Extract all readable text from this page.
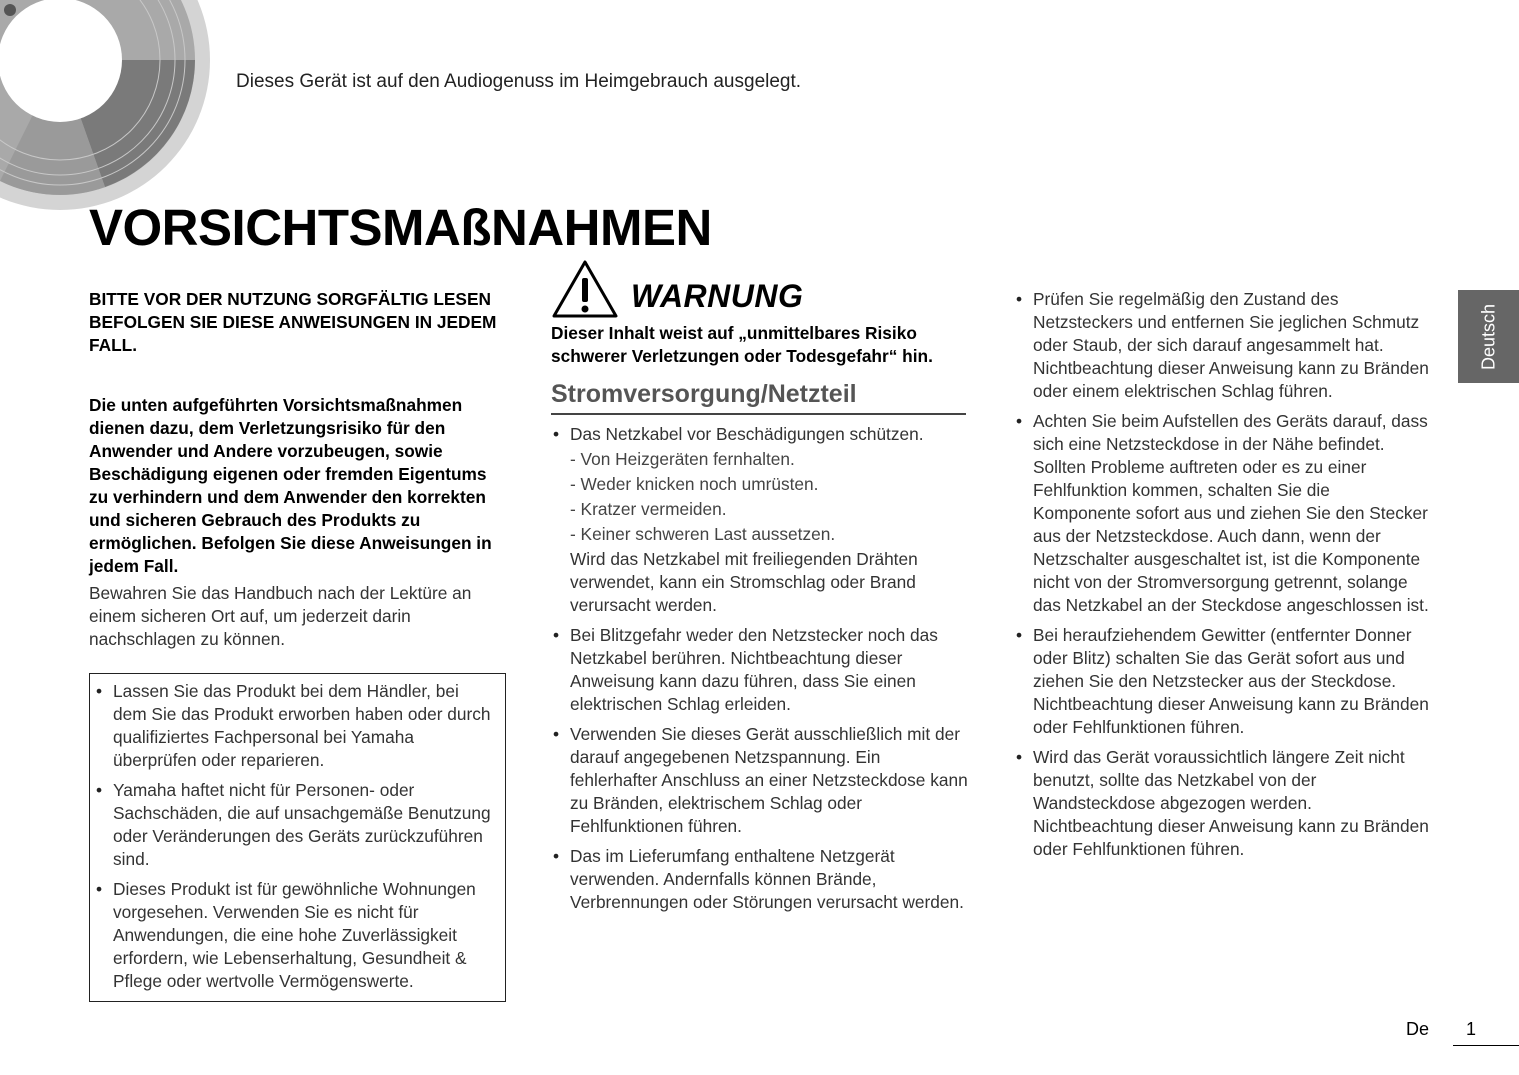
Dieses Gerät ist auf den Audiogenuss im Heimgebrauch ausgelegt.
VORSICHTSMAßNAHMEN

BITTE VOR DER NUTZUNG SORGFÄLTIG LESEN BEFOLGEN SIE DIESE ANWEISUNGEN IN JEDEM FALL.

Die unten aufgeführten Vorsichtsmaßnahmen dienen dazu, dem Verletzungsrisiko für den Anwender und Andere vorzubeugen, sowie Beschädigung eigenen oder fremden Eigentums zu verhindern und dem Anwender den korrekten und sicheren Gebrauch des Produkts zu ermöglichen. Befolgen Sie diese Anweisungen in jedem Fall.

Bewahren Sie das Handbuch nach der Lektüre an einem sicheren Ort auf, um jederzeit darin nachschlagen zu können.

• Lassen Sie das Produkt bei dem Händler, bei dem Sie das Produkt erworben haben oder durch qualifiziertes Fachpersonal bei Yamaha überprüfen oder reparieren.
• Yamaha haftet nicht für Personen- oder Sachschäden, die auf unsachgemäße Benutzung oder Veränderungen des Geräts zurückzuführen sind.
• Dieses Produkt ist für gewöhnliche Wohnungen vorgesehen. Verwenden Sie es nicht für Anwendungen, die eine hohe Zuverlässigkeit erfordern, wie Lebenserhaltung, Gesundheit & Pflege oder wertvolle Vermögenswerte.
WARNUNG

Dieser Inhalt weist auf „unmittelbares Risiko schwerer Verletzungen oder Todesgefahr“ hin.

Stromversorgung/Netzteil
• Das Netzkabel vor Beschädigungen schützen.
- Von Heizgeräten fernhalten.
- Weder knicken noch umrüsten.
- Kratzer vermeiden.
- Keiner schweren Last aussetzen.
Wird das Netzkabel mit freiliegenden Drähten verwendet, kann ein Stromschlag oder Brand verursacht werden.
• Bei Blitzgefahr weder den Netzstecker noch das Netzkabel berühren. Nichtbeachtung dieser Anweisung kann dazu führen, dass Sie einen elektrischen Schlag erleiden.
• Verwenden Sie dieses Gerät ausschließlich mit der darauf angegebenen Netzspannung. Ein fehlerhafter Anschluss an einer Netzsteckdose kann zu Bränden, elektrischem Schlag oder Fehlfunktionen führen.
• Das im Lieferumfang enthaltene Netzgerät verwenden. Andernfalls können Brände, Verbrennungen oder Störungen verursacht werden.
• Prüfen Sie regelmäßig den Zustand des Netzsteckers und entfernen Sie jeglichen Schmutz oder Staub, der sich darauf angesammelt hat. Nichtbeachtung dieser Anweisung kann zu Bränden oder einem elektrischen Schlag führen.
• Achten Sie beim Aufstellen des Geräts darauf, dass sich eine Netzsteckdose in der Nähe befindet. Sollten Probleme auftreten oder es zu einer Fehlfunktion kommen, schalten Sie die Komponente sofort aus und ziehen Sie den Stecker aus der Netzsteckdose. Auch dann, wenn der Netzschalter ausgeschaltet ist, ist die Komponente nicht von der Stromversorgung getrennt, solange das Netzkabel an der Steckdose angeschlossen ist.
• Bei heraufziehendem Gewitter (entfernter Donner oder Blitz) schalten Sie das Gerät sofort aus und ziehen Sie den Netzstecker aus der Steckdose. Nichtbeachtung dieser Anweisung kann zu Bränden oder Fehlfunktionen führen.
• Wird das Gerät voraussichtlich längere Zeit nicht benutzt, sollte das Netzkabel von der Wandsteckdose abgezogen werden. Nichtbeachtung dieser Anweisung kann zu Bränden oder Fehlfunktionen führen.
Deutsch
De 1
